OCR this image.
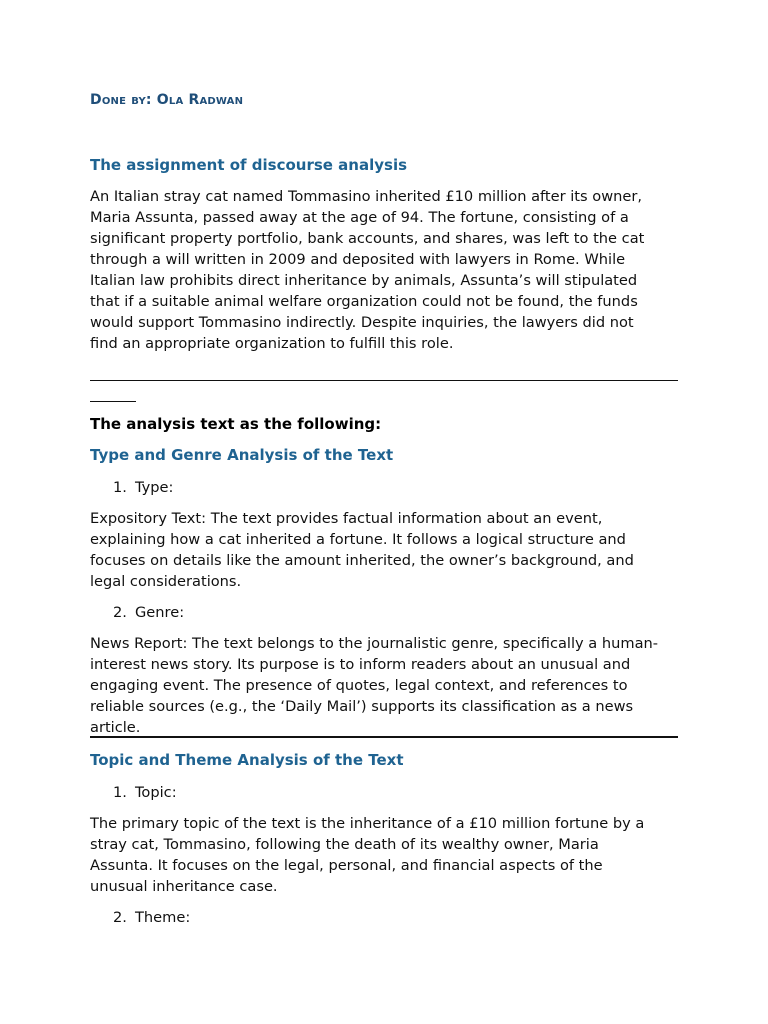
Done by: Ola Radwan

The assignment of discourse analysis

An Italian stray cat named Tommasino inherited £10 million after its owner,
Maria Assunta, passed away at the age of 94. The fortune, consisting of a
significant property portfolio, bank accounts, and shares, was left to the cat
through a will written in 2009 and deposited with lawyers in Rome. While
Italian law prohibits direct inheritance by animals, Assunta’s will stipulated
that if a suitable animal welfare organization could not be found, the funds
would support Tommasino indirectly. Despite inquiries, the lawyers did not
find an appropriate organization to fulfill this role.

The analysis text as the following:

Type and Genre Analysis of the Text

1. Type:

Expository Text: The text provides factual information about an event,
explaining how a cat inherited a fortune. It follows a logical structure and
focuses on details like the amount inherited, the owner’s background, and
legal considerations.

2. Genre:

News Report: The text belongs to the journalistic genre, specifically a human-
interest news story. Its purpose is to inform readers about an unusual and
engaging event. The presence of quotes, legal context, and references to
reliable sources (e.g., the ‘Daily Mail’) supports its classification as a news
article.

Topic and Theme Analysis of the Text

1. Topic:

The primary topic of the text is the inheritance of a £10 million fortune by a
stray cat, Tommasino, following the death of its wealthy owner, Maria
Assunta. It focuses on the legal, personal, and financial aspects of the
unusual inheritance case.

2. Theme:
